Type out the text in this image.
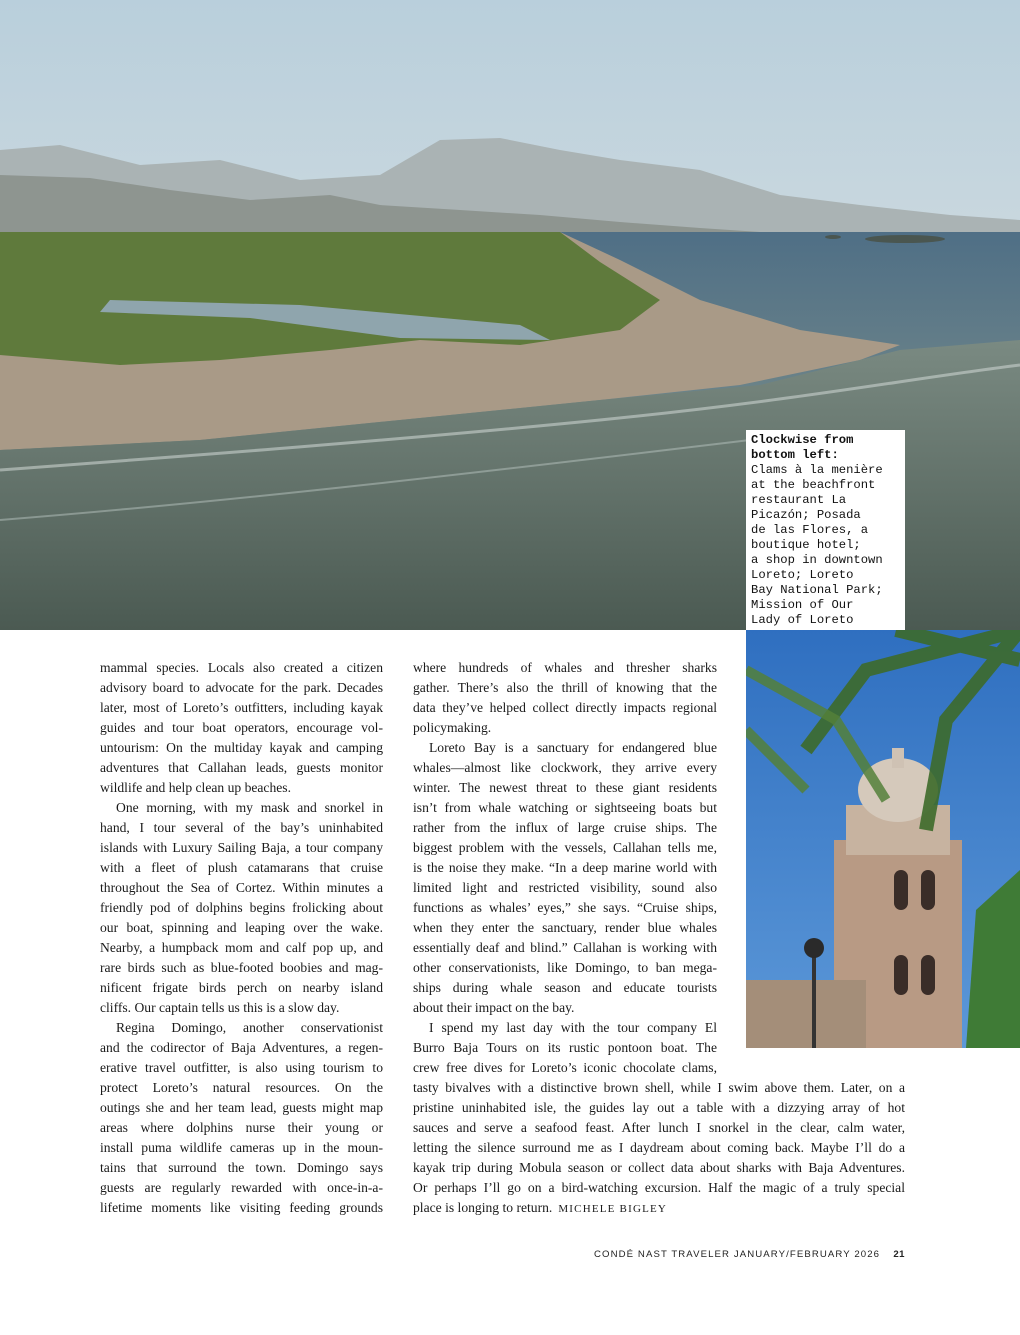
Clockwise from
bottom left:
Clams à la menière
at the beachfront
restaurant La
Picazón; Posada
de las Flores, a
boutique hotel;
a shop in downtown
Loreto; Loreto
Bay National Park;
Mission of Our
Lady of Loreto
mammal species. Locals also created a citizen
advisory board to advocate for the park. Decades
later, most of Loreto’s outfitters, including kayak
guides and tour boat operators, encourage vol-
untourism: On the multiday kayak and camping
adventures that Callahan leads, guests monitor
wildlife and help clean up beaches.
One morning, with my mask and snorkel in
hand, I tour several of the bay’s uninhabited
islands with Luxury Sailing Baja, a tour company
with a fleet of plush catamarans that cruise
throughout the Sea of Cortez. Within minutes a
friendly pod of dolphins begins frolicking about
our boat, spinning and leaping over the wake.
Nearby, a humpback mom and calf pop up, and
rare birds such as blue-footed boobies and mag-
nificent frigate birds perch on nearby island
cliffs. Our captain tells us this is a slow day.
Regina Domingo, another conservationist
and the codirector of Baja Adventures, a regen-
erative travel outfitter, is also using tourism to
protect Loreto’s natural resources. On the
outings she and her team lead, guests might map
areas where dolphins nurse their young or
install puma wildlife cameras up in the moun-
tains that surround the town. Domingo says
guests are regularly rewarded with once-in-a-
lifetime moments like visiting feeding grounds
where hundreds of whales and thresher sharks
gather. There’s also the thrill of knowing that the
data they’ve helped collect directly impacts regional
policymaking.
Loreto Bay is a sanctuary for endangered blue
whales—almost like clockwork, they arrive every
winter. The newest threat to these giant residents
isn’t from whale watching or sightseeing boats but
rather from the influx of large cruise ships. The
biggest problem with the vessels, Callahan tells me,
is the noise they make. “In a deep marine world with
limited light and restricted visibility, sound also
functions as whales’ eyes,” she says. “Cruise ships,
when they enter the sanctuary, render blue whales
essentially deaf and blind.” Callahan is working with
other conservationists, like Domingo, to ban mega-
ships during whale season and educate tourists
about their impact on the bay.
I spend my last day with the tour company El
Burro Baja Tours on its rustic pontoon boat. The
crew free dives for Loreto’s iconic chocolate clams,
tasty bivalves with a distinctive brown shell, while I swim above them. Later, on a
pristine uninhabited isle, the guides lay out a table with a dizzying array of hot
sauces and serve a seafood feast. After lunch I snorkel in the clear, calm water,
letting the silence surround me as I daydream about coming back. Maybe I’ll do a
kayak trip during Mobula season or collect data about sharks with Baja Adventures.
Or perhaps I’ll go on a bird-watching excursion. Half the magic of a truly special
place is longing to return. MICHELE BIGLEY
CONDÉ NAST TRAVELER JANUARY/FEBRUARY 2026 21
